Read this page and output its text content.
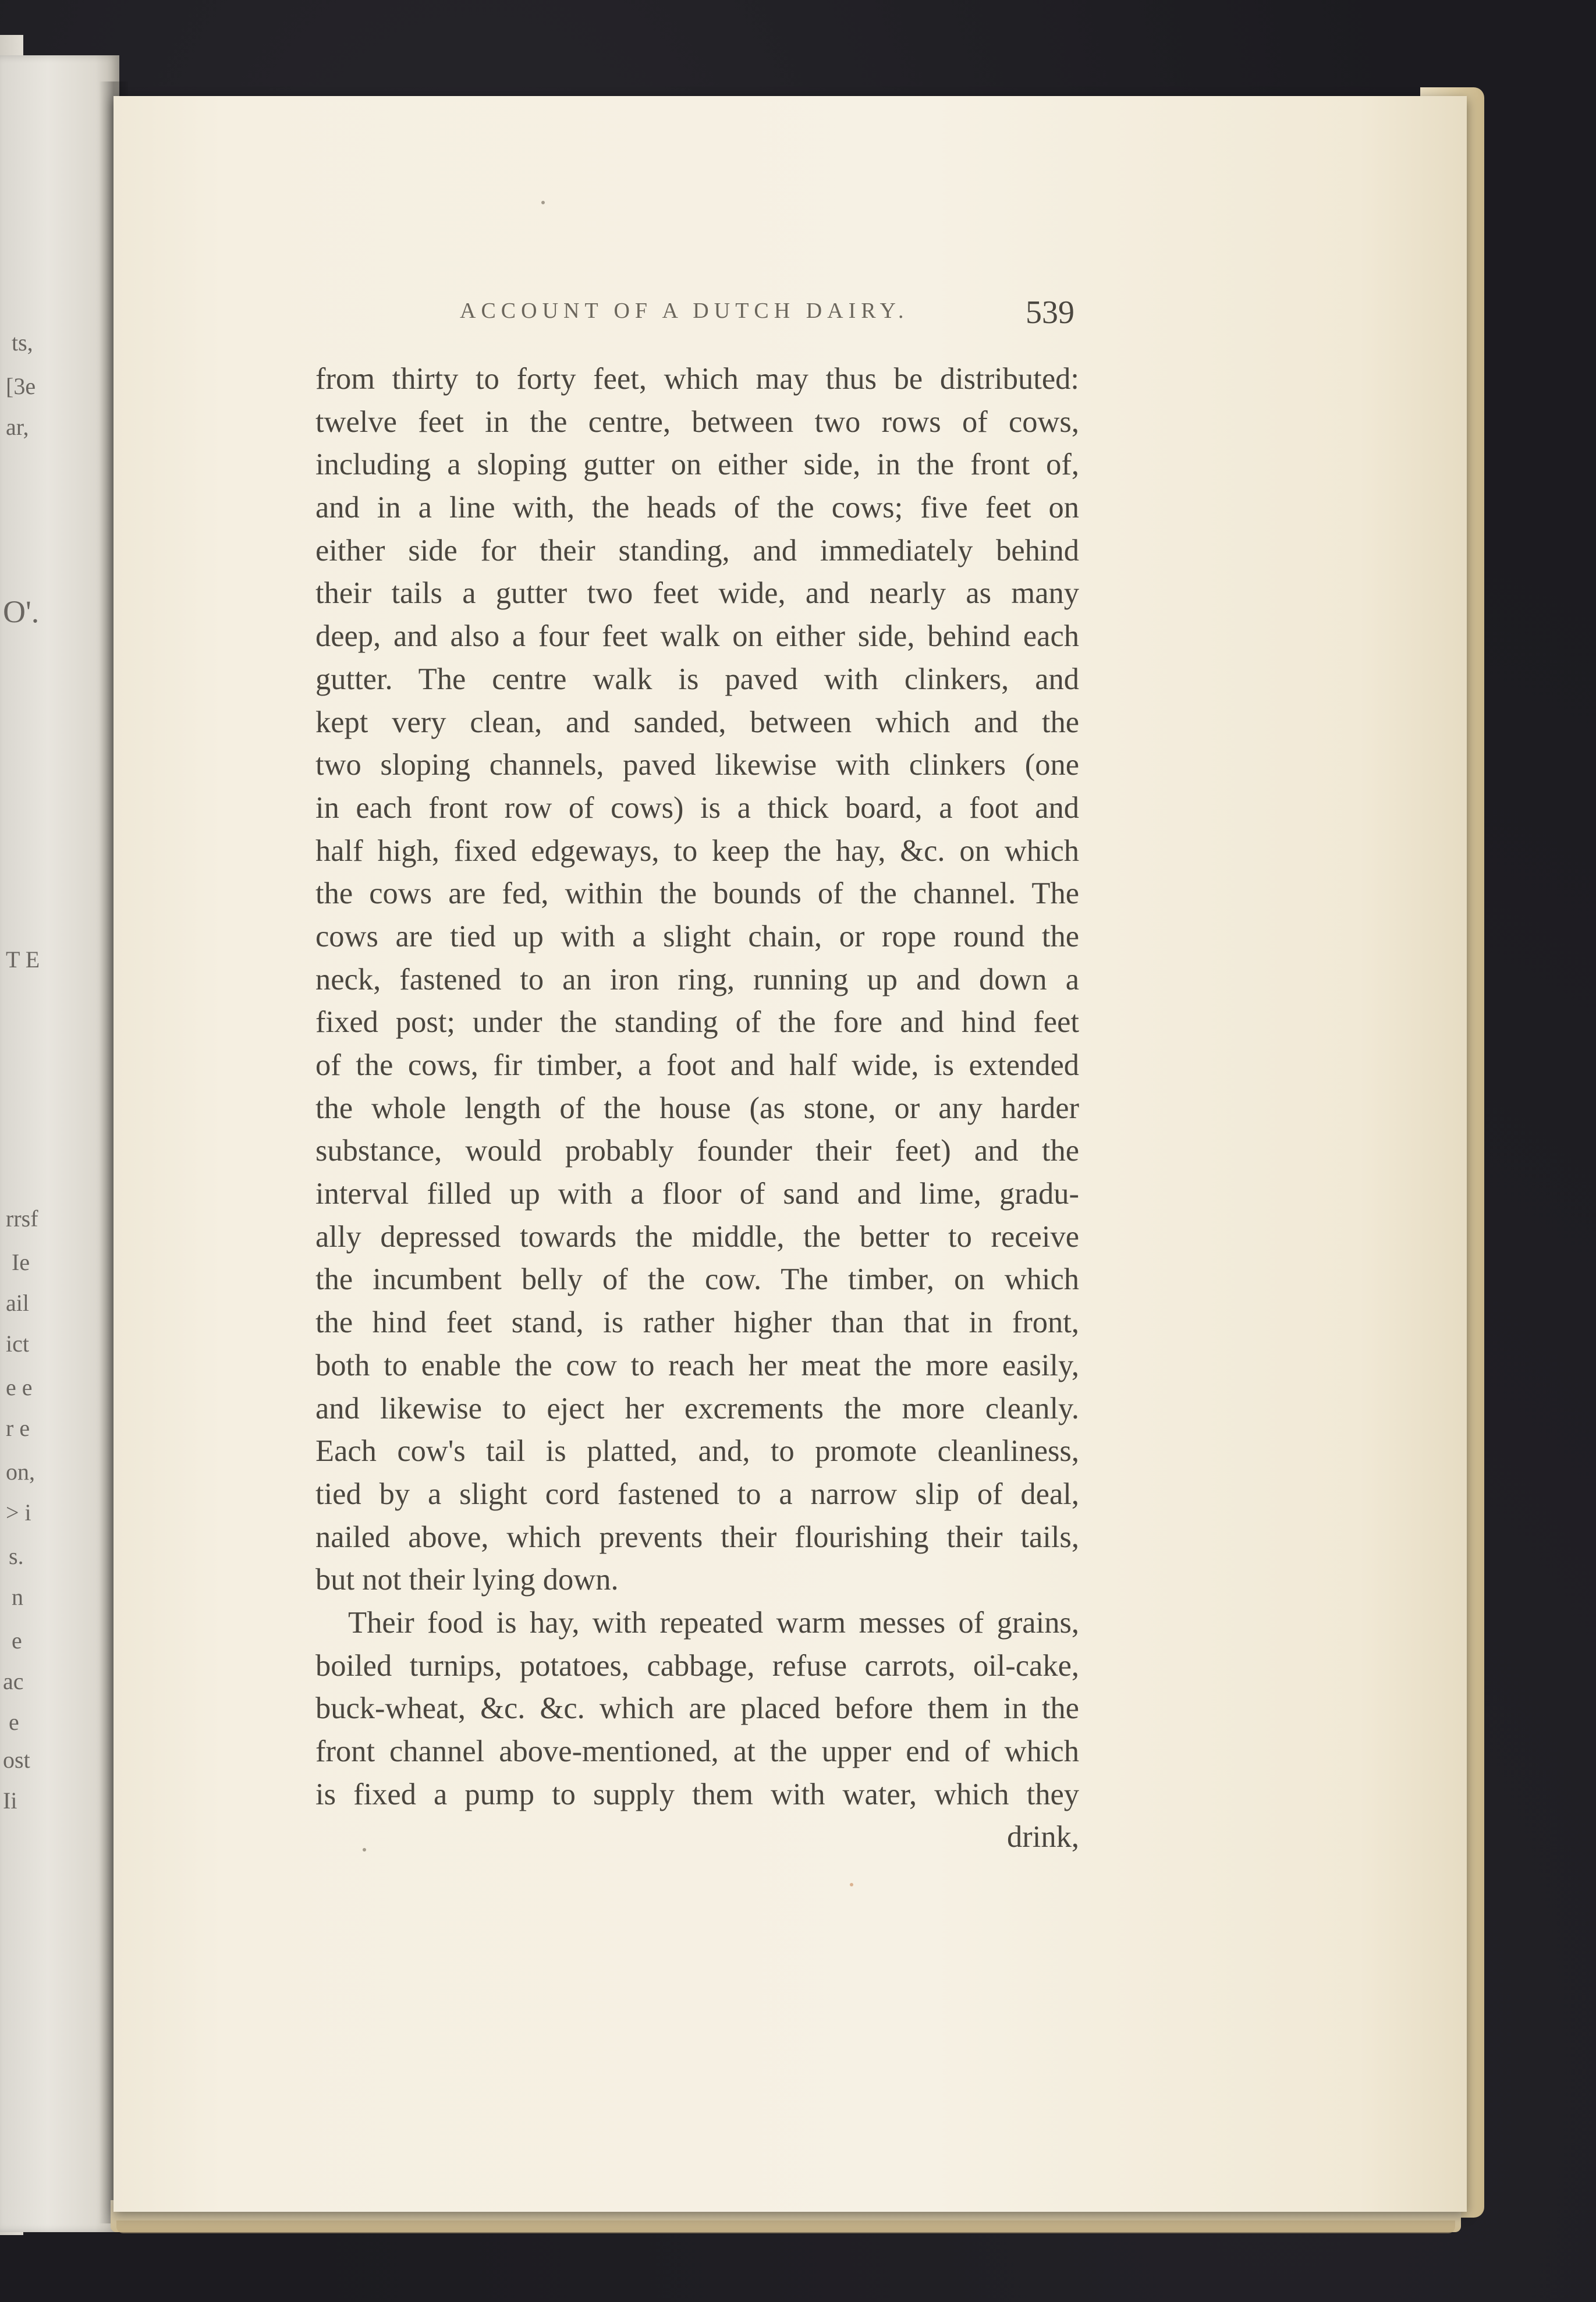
ts,
[3e
ar,
O'.
T E
rrsf
Ie
ail
ict
e e
r e
on,
> i
s.
n
e
ac
e
ost
Ii
ACCOUNT OF A DUTCH DAIRY.	539
from thirty to forty feet, which may thus be distributed:
twelve feet in the centre, between two rows of cows,
including a sloping gutter on either side, in the front of,
and in a line with, the heads of the cows; five feet on
either side for their standing, and immediately behind
their tails a gutter two feet wide, and nearly as many
deep, and also a four feet walk on either side, behind each
gutter. The centre walk is paved with clinkers, and
kept very clean, and sanded, between which and the
two sloping channels, paved likewise with clinkers (one
in each front row of cows) is a thick board, a foot and
half high, fixed edgeways, to keep the hay, &c. on which
the cows are fed, within the bounds of the channel. The
cows are tied up with a slight chain, or rope round the
neck, fastened to an iron ring, running up and down a
fixed post; under the standing of the fore and hind feet
of the cows, fir timber, a foot and half wide, is extended
the whole length of the house (as stone, or any harder
substance, would probably founder their feet) and the
interval filled up with a floor of sand and lime, gradu-
ally depressed towards the middle, the better to receive
the incumbent belly of the cow. The timber, on which
the hind feet stand, is rather higher than that in front,
both to enable the cow to reach her meat the more easily,
and likewise to eject her excrements the more cleanly.
Each cow's tail is platted, and, to promote cleanliness,
tied by a slight cord fastened to a narrow slip of deal,
nailed above, which prevents their flourishing their tails,
but not their lying down.
Their food is hay, with repeated warm messes of grains,
boiled turnips, potatoes, cabbage, refuse carrots, oil-cake,
buck-wheat, &c. &c. which are placed before them in the
front channel above-mentioned, at the upper end of which
is fixed a pump to supply them with water, which they
drink,
